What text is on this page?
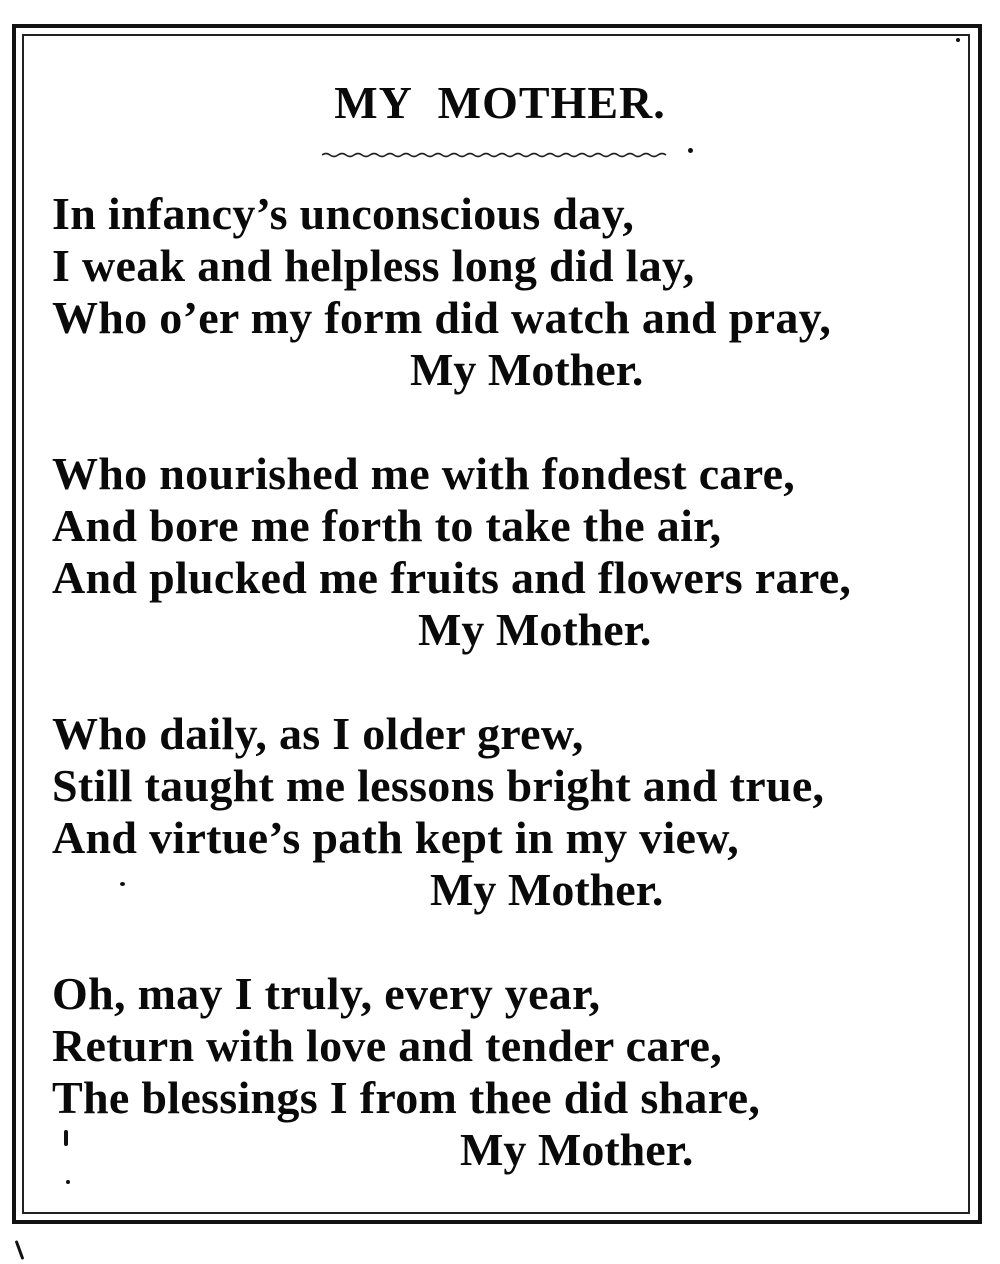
MY MOTHER.
In infancy’s unconscious day,
I weak and helpless long did lay,
Who o’er my form did watch and pray,
My Mother.
Who nourished me with fondest care,
And bore me forth to take the air,
And plucked me fruits and flowers rare,
My Mother.
Who daily, as I older grew,
Still taught me lessons bright and true,
And virtue’s path kept in my view,
My Mother.
Oh, may I truly, every year,
Return with love and tender care,
The blessings I from thee did share,
My Mother.
